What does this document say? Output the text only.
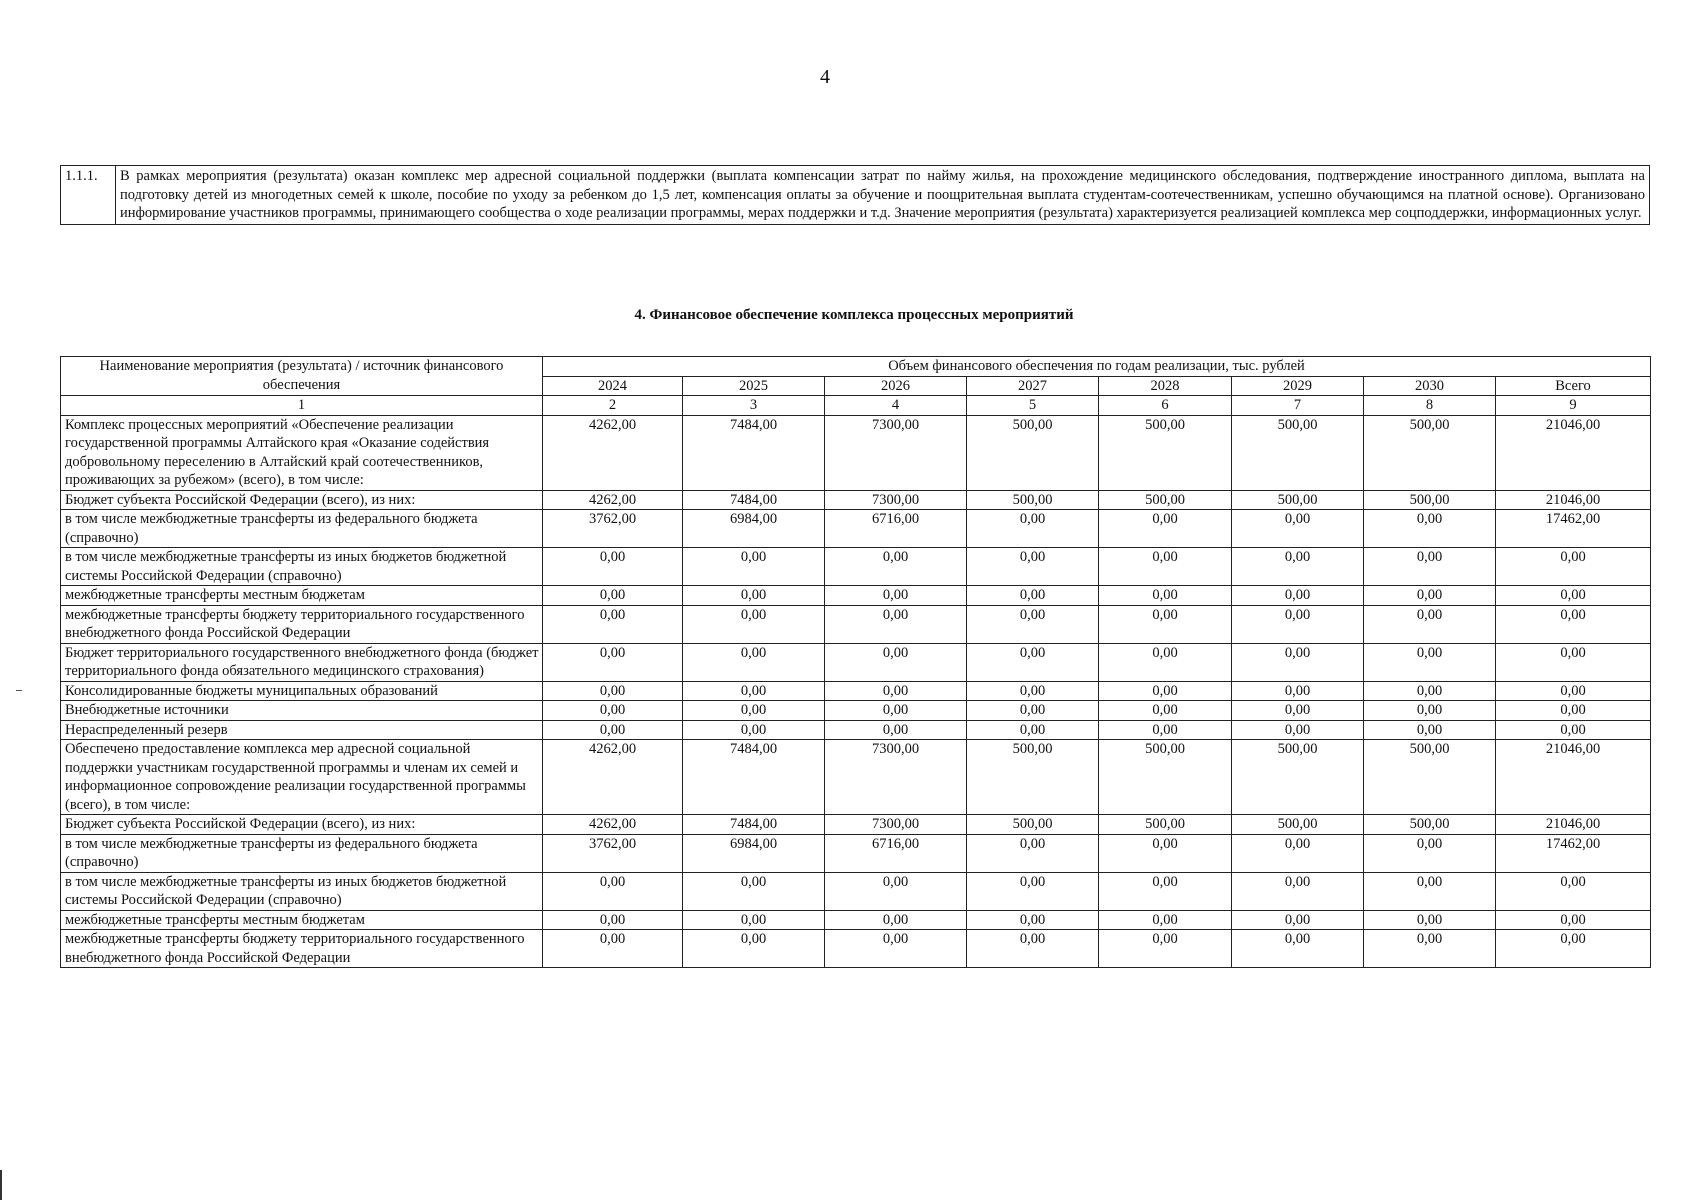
4
1.1.1.	В рамках мероприятия (результата) оказан комплекс мер адресной социальной поддержки (выплата компенсации затрат по найму жилья, на прохождение медицинского обследования, подтверждение иностранного диплома, выплата на подготовку детей из многодетных семей к школе, пособие по уходу за ребенком до 1,5 лет, компенсация оплаты за обучение и поощрительная выплата студентам-соотечественникам, успешно обучающимся на платной основе). Организовано информирование участников программы, принимающего сообщества о ходе реализации программы, мерах поддержки и т.д. Значение мероприятия (результата) характеризуется реализацией комплекса мер соцподдержки, информационных услуг.
4. Финансовое обеспечение комплекса процессных мероприятий
Наименование мероприятия (результата) / источник финансового обеспечения	Объем финансового обеспечения по годам реализации, тыс. рублей							
	2024	2025	2026	2027	2028	2029	2030	Всего
1	2	3	4	5	6	7	8	9
Комплекс процессных мероприятий «Обеспечение реализации государственной программы Алтайского края «Оказание содействия добровольному переселению в Алтайский край соотечественников, проживающих за рубежом» (всего), в том числе:	4262,00	7484,00	7300,00	500,00	500,00	500,00	500,00	21046,00
Бюджет субъекта Российской Федерации (всего), из них:	4262,00	7484,00	7300,00	500,00	500,00	500,00	500,00	21046,00
в том числе межбюджетные трансферты из федерального бюджета (справочно)	3762,00	6984,00	6716,00	0,00	0,00	0,00	0,00	17462,00
в том числе межбюджетные трансферты из иных бюджетов бюджетной системы Российской Федерации (справочно)	0,00	0,00	0,00	0,00	0,00	0,00	0,00	0,00
межбюджетные трансферты местным бюджетам	0,00	0,00	0,00	0,00	0,00	0,00	0,00	0,00
межбюджетные трансферты бюджету территориального государственного внебюджетного фонда Российской Федерации	0,00	0,00	0,00	0,00	0,00	0,00	0,00	0,00
Бюджет территориального государственного внебюджетного фонда (бюджет территориального фонда обязательного медицинского страхования)	0,00	0,00	0,00	0,00	0,00	0,00	0,00	0,00
Консолидированные бюджеты муниципальных образований	0,00	0,00	0,00	0,00	0,00	0,00	0,00	0,00
Внебюджетные источники	0,00	0,00	0,00	0,00	0,00	0,00	0,00	0,00
Нераспределенный резерв	0,00	0,00	0,00	0,00	0,00	0,00	0,00	0,00
Обеспечено предоставление комплекса мер адресной социальной поддержки участникам государственной программы и членам их семей и информационное сопровождение реализации государственной программы (всего), в том числе:	4262,00	7484,00	7300,00	500,00	500,00	500,00	500,00	21046,00
Бюджет субъекта Российской Федерации (всего), из них:	4262,00	7484,00	7300,00	500,00	500,00	500,00	500,00	21046,00
в том числе межбюджетные трансферты из федерального бюджета (справочно)	3762,00	6984,00	6716,00	0,00	0,00	0,00	0,00	17462,00
в том числе межбюджетные трансферты из иных бюджетов бюджетной системы Российской Федерации (справочно)	0,00	0,00	0,00	0,00	0,00	0,00	0,00	0,00
межбюджетные трансферты местным бюджетам	0,00	0,00	0,00	0,00	0,00	0,00	0,00	0,00
межбюджетные трансферты бюджету территориального государственного внебюджетного фонда Российской Федерации	0,00	0,00	0,00	0,00	0,00	0,00	0,00	0,00
